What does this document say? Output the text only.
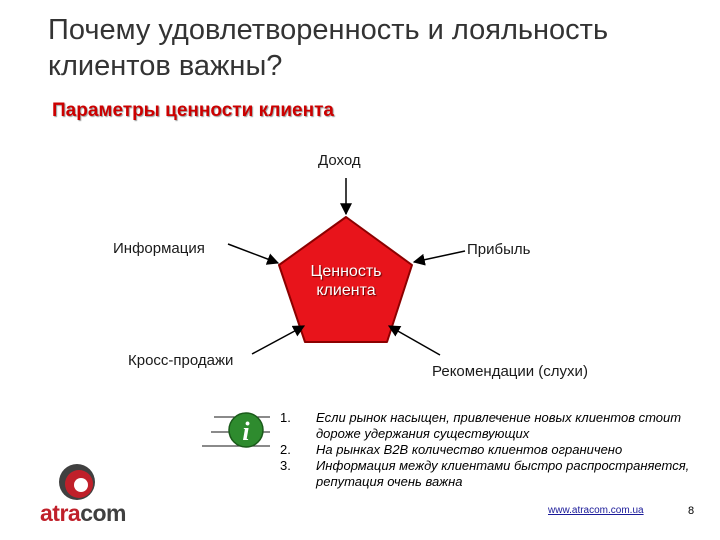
Почему удовлетворенность и лояльность клиентов важны?
Параметры ценности клиента
i
Доход
Информация	Прибыль
Кросс-продажи
Рекомендации (слухи)
Ценность клиента
1.	Если рынок насыщен, привлечение новых клиентов стоит дороже удержания существующих
2.	На рынках B2B количество клиентов ограничено
3.	Информация между клиентами быстро распространяется, репутация очень важна
atracom	www.atracom.com.ua	8
